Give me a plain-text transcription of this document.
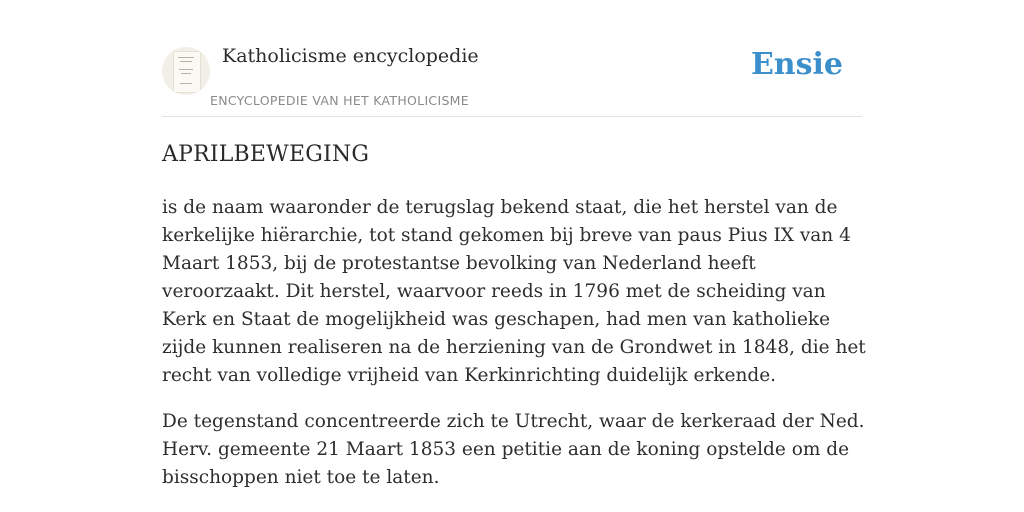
Katholicisme encyclopedie
ENCYCLOPEDIE VAN HET KATHOLICISME
Ensie
APRILBEWEGING

is de naam waaronder de terugslag bekend staat, die het herstel van de kerkelijke hiërarchie, tot stand gekomen bij breve van paus Pius IX van 4 Maart 1853, bij de protestantse bevolking van Nederland heeft veroorzaakt. Dit herstel, waarvoor reeds in 1796 met de scheiding van Kerk en Staat de mogelijkheid was geschapen, had men van katholieke zijde kunnen realiseren na de herziening van de Grondwet in 1848, die het recht van volledige vrijheid van Kerkinrichting duidelijk erkende.

De tegenstand concentreerde zich te Utrecht, waar de kerkeraad der Ned. Herv. gemeente 21 Maart 1853 een petitie aan de koning opstelde om de bisschoppen niet toe te laten.
